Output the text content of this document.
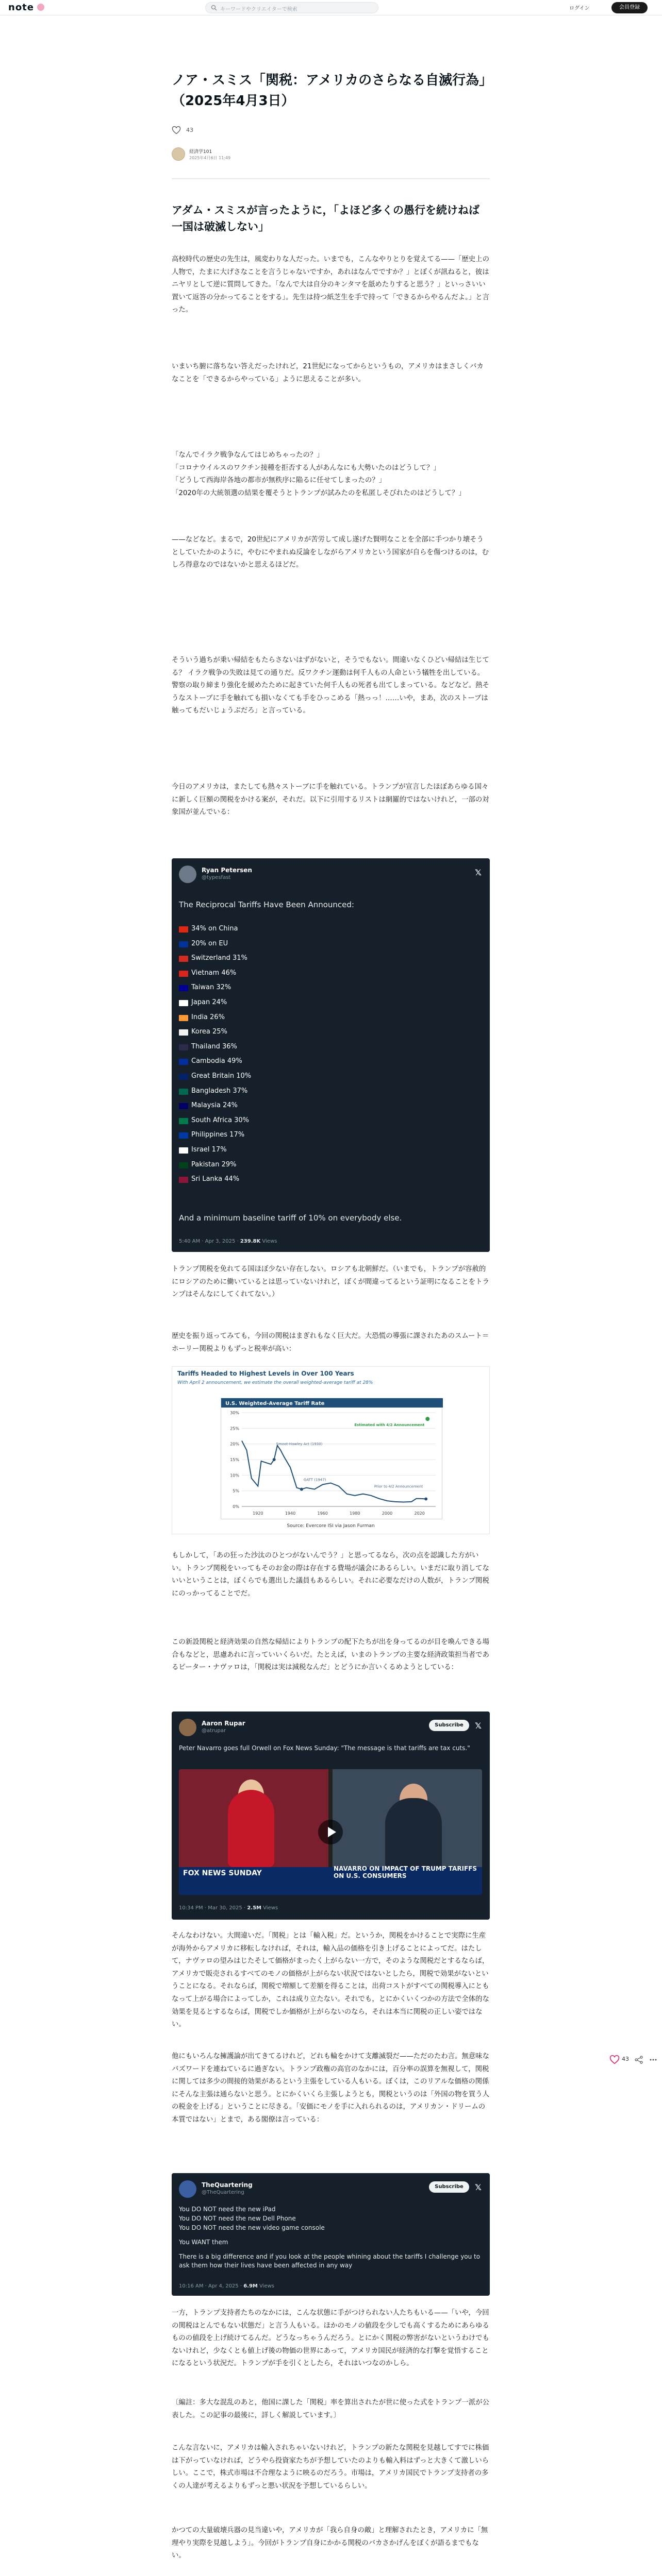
note	キーワードやクリエイターで検索	ログイン	会員登録
ノア・スミス「関税：アメリカのさらなる自滅行為」（2025年4月3日）
43
経済学101
2025年4月6日 11:49
アダム・スミスが言ったように，「よほど多くの愚行を続けねば一国は破滅しない」
高校時代の歴史の先生は，風変わりな人だった。いまでも，こんなやりとりを覚えてる——「歴史上の人物で，たまに大げさなことを言うじゃないですか，あれはなんでですか？」とぼくが訊ねると，彼はニヤリとして逆に質問してきた。「なんで大は自分のキンタマを舐めたりすると思う？」といっさいい置いて返答の分かってることをする」。先生は持つ紙芝生を手で持って「できるからやるんだよ。」と言った。
いまいち腑に落ちない答えだったけれど，21世紀になってからというもの，アメリカはまさしくバカなことを「できるからやっている」ように思えることが多い。
「なんでイラク戦争なんてはじめちゃったの？」
「コロナウイルスのワクチン接種を拒否する人があんなにも大勢いたのはどうして？」
「どうして西海岸各地の都市が無秩序に陥るに任せてしまったの？」
「2020年の大統領選の結果を覆そうとトランプが試みたのを私匿しそびれたのはどうして？」
——などなど。まるで，20世紀にアメリカが苦労して成し遂げた賢明なことを全部に手つかり壊そうとしていたかのように，やむにやまれぬ反論をしながらアメリカという国家が自らを傷つけるのは，むしろ得意なのではないかと思えるほどだ。
そういう過ちが乗い帰結をもたらさないはずがないと，そうでもない。間違いなくひどい帰結は生じてる？ イラク戦争の失敗は見ての通りだ。反ワクチン運動は何千人もの人命という犠牲を出している。警察の取り締まり強化を緩めたために起きていた何千人もの死者も出てしまっている。などなど。熱そうなストーブに手を触れても損いなくても手をひっこめる「熱っっ！……いや，まあ，次のストーブは触ってもだいじょうぶだろ」と言っている。
今日のアメリカは，またしても熱々ストーブに手を触れている。トランプが宣言したほぼあらゆる国々に新しく巨額の関税をかける案が，それだ。以下に引用するリストは網羅的ではないけれど，一部の対象国が並んでいる：
Ryan Petersen
@typesfast
𝕏
The Reciprocal Tariffs Have Been Announced:
34% on China
20% on EU
Switzerland 31%
Vietnam 46%
Taiwan 32%
Japan 24%
India 26%
Korea 25%
Thailand 36%
Cambodia 49%
Great Britain 10%
Bangladesh 37%
Malaysia 24%
South Africa 30%
Philippines 17%
Israel 17%
Pakistan 29%
Sri Lanka 44%
And a minimum baseline tariff of 10% on everybody else.
5:40 AM · Apr 3, 2025 · 239.8K Views
トランプ関税を免れてる国ほぼ少ない存在しない。ロシアも北朝鮮だ。（いまでも，トランプが容赦的にロシアのために働いているとは思っていないけれど，ぼくが間違ってるという証明になることをトランプはそんなにしてくれてない。）
歴史を振り返ってみても，今回の関税はまぎれもなく巨大だ。大恐慌の導張に課されたあのスムート＝ホーリー関税よりもずっと税率が高い：
Tariffs Headed to Highest Levels in Over 100 Years
With April 2 announcement, we estimate the overall weighted-average tariff at 28%
U.S. Weighted-Average Tariff Rate
0%
5%
10%
15%
20%
25%
30%
1920	1940	1960	1980	2000	2020
Estimated with 4/2 Announcement
Prior to 4/2 Announcement
Smoot-Hawley Act (1930)
GATT (1947)
Source: Evercore ISI via Jason Furman
もしかして，「あの狂った沙汰のひとつがないんでう？」と思ってるなら，次の点を認識した方がいい。トランプ関税をいってもそのお金の際は存在する費場が議会にあるらしい。いまだに取り消してないいということは，ぼくらでも選出した議員もあるらしい。それに必要なだけの人数が，トランプ関税にのっかってることでだ。
この新設関税と経済効果の自然な帰結によりトランプの配下たちが出を身ってるのが目を喚んできる場合もなどと，思慮あれに言っていいくらいだ。たとえば，いまのトランプの主要な経済政策担当者であるピーター・ナヴァロは，「関税は実は減税なんだ」とどうにか言いくるめようとしている：
Aaron Rupar
@atrupar
Subscribe	𝕏
Peter Navarro goes full Orwell on Fox News Sunday: "The message is that tariffs are tax cuts."
FOX NEWS SUNDAY
NAVARRO ON IMPACT OF TRUMP TARIFFS ON U.S. CONSUMERS
10:34 PM · Mar 30, 2025 · 2.5M Views
そんなわけない。大間違いだ。「関税」とは「輸入税」だ。というか，関税をかけることで実際に生産が海外からアメリカに移転しなければ，それは，輸入品の価格を引き上げることによってだ。はたして，ナヴァロの望みはじたそして価格がまったく上がらない一方で，そのような関税だとするならば，アメリカで販売されるすべてのモノの価格が上がらない状況ではないとしたら，関税で効果がないということになる。それならば，関税で増額して差額を得ることは，出荷コストがすべての関税導入にともなって上がる場合によってしか，これは成り立たない。それでも，とにかくいくつかの方法で全体的な効果を見るとするならば，関税でしか価格が上がらないのなら，それは本当に関税の正しい姿ではない。
他にもいろんな擁護論が出てきてるけれど，どれも輪をかけて支離滅裂だ——ただのたわ言。無意味なバズワードを連ねているに過ぎない。トランプ政権の高官のなかには，百分率の誤算を無視して，関税に関しては多少の間接的効果があるという主張をしている人もいる。ぼくは，このリアルな価格の関係にそんな主張は通らないと思う。とにかくいくら主張しようとも，関税というのは「外国の物を買う人の税金を上げる」ということに尽きる。「安価にモノを手に入れられるのは，アメリカン・ドリームの本質ではない」とまで，ある閣僚は言っている：
TheQuartering
@TheQuartering
Subscribe	𝕏
You DO NOT need the new iPad
You DO NOT need the new Dell Phone
You DO NOT need the new video game console
You WANT them
There is a big difference and if you look at the people whining about the tariffs I challenge you to ask them how their lives have been affected in any way
10:16 AM · Apr 4, 2025 · 6.9M Views
一方，トランプ支持者たちのなかには，こんな状態に手がつけられない人たちもいる——「いや，今回の関税はとんでもない状態だ」と言う人もいる。ほかのモノの値段を少しでも高くするためにあらゆるものの値段を上げ続けてるんだ。どうなっちゃうんだろう。とにかく関税の弊害がないというわけでもないけれど，少なくとも値上げ後の物価の世界にあって，アメリカ国民が経済的な打撃を覚悟することになるという状況だ。トランプが手を引くとしたら，それはいつなのかしら。
〔編註：多大な混乱のあと，他国に課した「関税」率を算出されたが世に使った式をトランプ一派が公表した。この記事の最後に，詳しく解説しています。〕
こんな言ないに，アメリカは輸入されちゃいないけれど，トランプの新たな関税を見越してすでに株価は下がっていなければ，どうやら投資家たちが予想していたのよりも輸入料はずっと大きくて激しいらしい。ここで，株式市場は不合理なように映るのだろう。市場は，アメリカ国民でトランプ支持者の多くの人達が考えるよりもずっと悪い状況を予想しているらしい。
かつての大量破壊兵器の見当違いや，アメリカが「我ら自身の敵」と理解されたとき，アメリカに「無理やり実際を見越しよう」。今回がトランプ自身にかかる関税のバカさかげんをぼくが語るまでもない。
43
